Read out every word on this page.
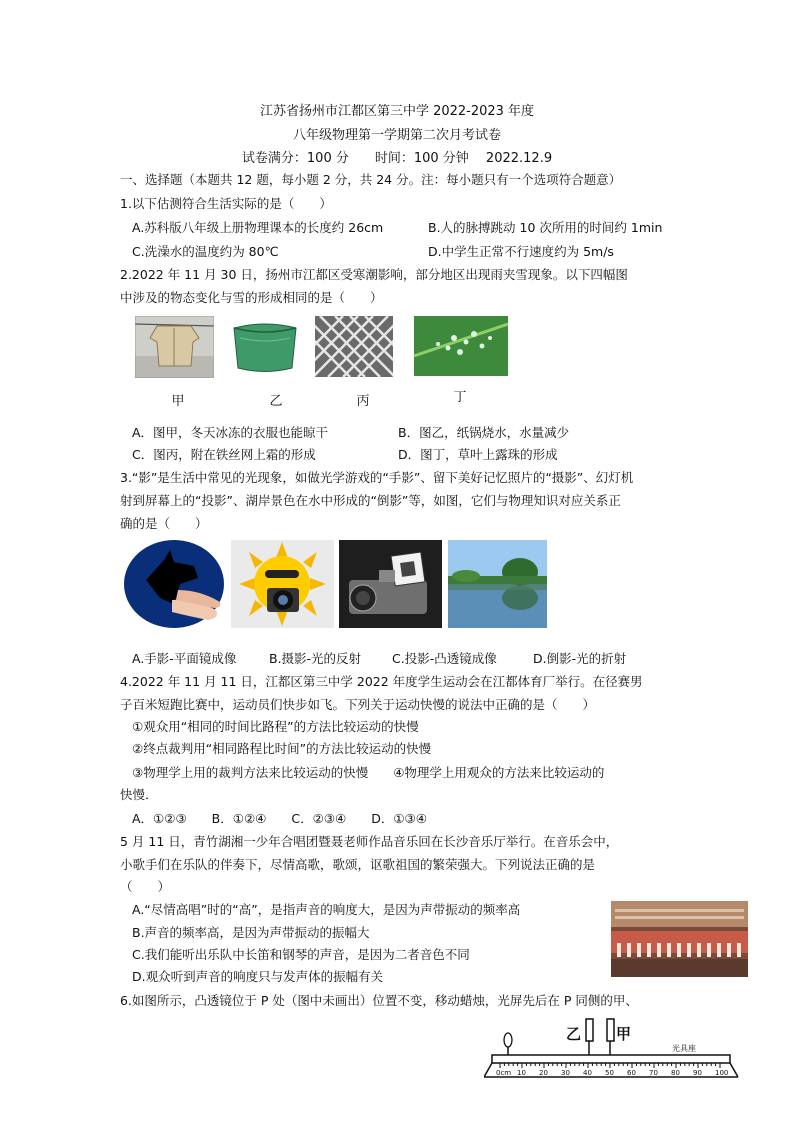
江苏省扬州市江都区第三中学 2022-2023 年度
八年级物理第一学期第二次月考试卷
试卷满分：100 分　　时间：100 分钟　 2022.12.9
一、选择题（本题共 12 题，每小题 2 分，共 24 分。注：每小题只有一个选项符合题意）
1.以下估测符合生活实际的是（　　）
A.苏科版八年级上册物理课本的长度约 26cm	B.人的脉搏跳动 10 次所用的时间约 1min
C.洗澡水的温度约为 80℃	D.中学生正常不行速度约为 5m/s
2.2022 年 11 月 30 日，扬州市江都区受寒潮影响，部分地区出现雨夹雪现象。以下四幅图
中涉及的物态变化与雪的形成相同的是（　　）
甲	乙	丙	丁
A．图甲，冬天冰冻的衣服也能晾干	B．图乙，纸锅烧水，水量减少
C．图丙，附在铁丝网上霜的形成	D．图丁，草叶上露珠的形成
3.“影”是生活中常见的光现象，如做光学游戏的“手影”、留下美好记忆照片的“摄影”、幻灯机
射到屏幕上的“投影”、湖岸景色在水中形成的“倒影”等，如图，它们与物理知识对应关系正
确的是（　　）
A.手影-平面镜成像	B.摄影-光的反射 C.投影-凸透镜成像	D.倒影-光的折射
4.2022 年 11 月 11 日，江都区第三中学 2022 年度学生运动会在江都体育厂举行。在径赛男
子百米短跑比赛中，运动员们快步如飞。下列关于运动快慢的说法中正确的是（　　）
①观众用“相同的时间比路程”的方法比较运动的快慢
②终点裁判用“相同路程比时间”的方法比较运动的快慢
③物理学上用的裁判方法来比较运动的快慢　　④物理学上用观众的方法来比较运动的
快慢．
A．①②③　　B．①②④　　C．②③④　　D．①③④
5 月 11 日，青竹湖湘一少年合唱团暨聂老师作品音乐回在长沙音乐厅举行。在音乐会中，
小歌手们在乐队的伴奏下，尽情高歌，歌颂，讴歌祖国的繁荣强大。下列说法正确的是
（　　）
A.“尽情高唱”时的“高”，是指声音的响度大，是因为声带振动的频率高
B.声音的频率高，是因为声带振动的振幅大
C.我们能听出乐队中长笛和钢琴的声音，是因为二者音色不同
D.观众听到声音的响度只与发声体的振幅有关
6.如图所示，凸透镜位于 P 处（图中未画出）位置不变，移动蜡烛，光屏先后在 P 同侧的甲、
0cm 10 20 30 40 50 60 70 80 90 100
光具座
乙 甲
